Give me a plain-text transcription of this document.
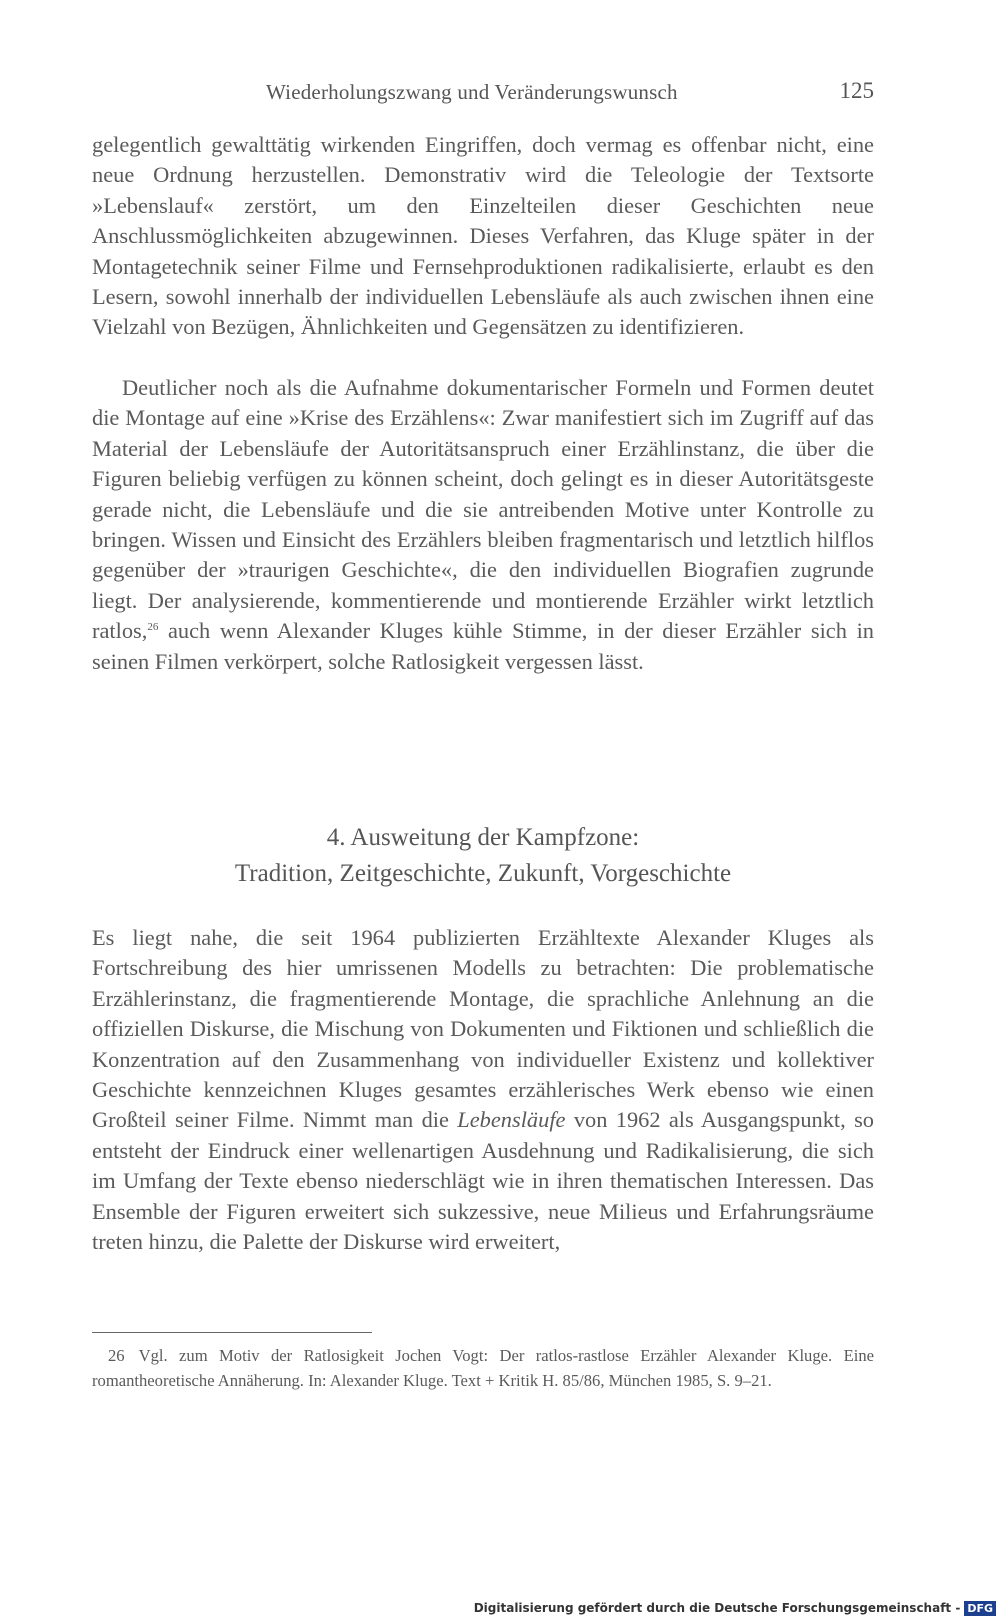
Wiederholungszwang und Veränderungswunsch	125

gelegentlich gewalttätig wirkenden Eingriffen, doch vermag es offenbar nicht, eine neue Ordnung herzustellen. Demonstrativ wird die Teleologie der Textsorte »Lebenslauf« zerstört, um den Einzelteilen dieser Geschichten neue Anschlussmöglichkeiten abzugewinnen. Dieses Verfahren, das Kluge später in der Montagetechnik seiner Filme und Fernsehproduktionen radikalisierte, erlaubt es den Lesern, sowohl innerhalb der individuellen Lebensläufe als auch zwischen ihnen eine Vielzahl von Bezügen, Ähnlichkeiten und Gegensätzen zu identifizieren.

Deutlicher noch als die Aufnahme dokumentarischer Formeln und Formen deutet die Montage auf eine »Krise des Erzählens«: Zwar manifestiert sich im Zugriff auf das Material der Lebensläufe der Autoritätsanspruch einer Erzählinstanz, die über die Figuren beliebig verfügen zu können scheint, doch gelingt es in dieser Autoritätsgeste gerade nicht, die Lebensläufe und die sie antreibenden Motive unter Kontrolle zu bringen. Wissen und Einsicht des Erzählers bleiben fragmentarisch und letztlich hilflos gegenüber der »traurigen Geschichte«, die den individuellen Biografien zugrunde liegt. Der analysierende, kommentierende und montierende Erzähler wirkt letztlich ratlos,$^{26}$ auch wenn Alexander Kluges kühle Stimme, in der dieser Erzähler sich in seinen Filmen verkörpert, solche Ratlosigkeit vergessen lässt.

4. Ausweitung der Kampfzone:
Tradition, Zeitgeschichte, Zukunft, Vorgeschichte

Es liegt nahe, die seit 1964 publizierten Erzähltexte Alexander Kluges als Fortschreibung des hier umrissenen Modells zu betrachten: Die problematische Erzählerinstanz, die fragmentierende Montage, die sprachliche Anlehnung an die offiziellen Diskurse, die Mischung von Dokumenten und Fiktionen und schließlich die Konzentration auf den Zusammenhang von individueller Existenz und kollektiver Geschichte kennzeichnen Kluges gesamtes erzählerisches Werk ebenso wie einen Großteil seiner Filme. Nimmt man die Lebensläufe von 1962 als Ausgangspunkt, so entsteht der Eindruck einer wellenartigen Ausdehnung und Radikalisierung, die sich im Umfang der Texte ebenso niederschlägt wie in ihren thematischen Interessen. Das Ensemble der Figuren erweitert sich sukzessive, neue Milieus und Erfahrungsräume treten hinzu, die Palette der Diskurse wird erweitert,

26 Vgl. zum Motiv der Ratlosigkeit Jochen Vogt: Der ratlos-rastlose Erzähler Alexander Kluge. Eine romantheoretische Annäherung. In: Alexander Kluge. Text + Kritik H. 85/86, München 1985, S. 9–21.

Digitalisierung gefördert durch die Deutsche Forschungsgemeinschaft - DFG
